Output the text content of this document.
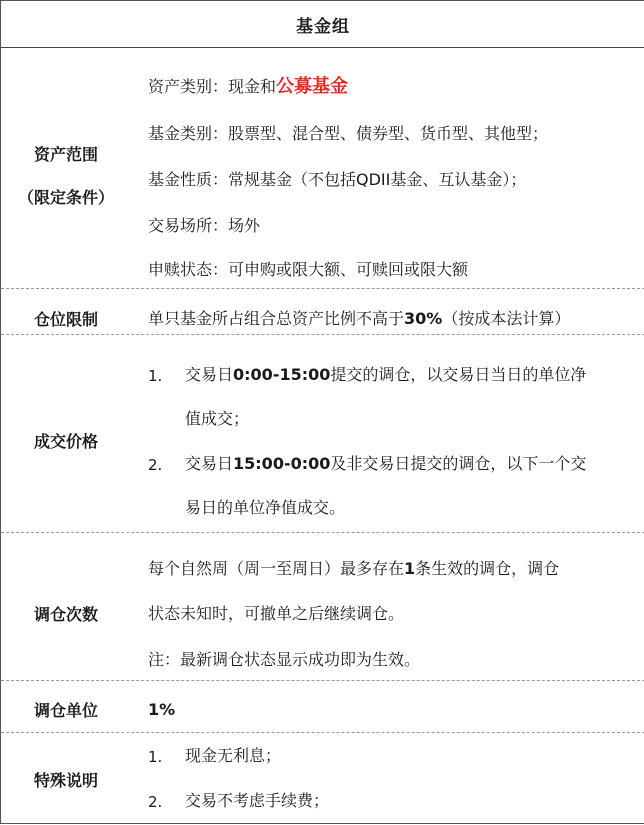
基金组
资产范围
（限定条件）
资产类别：现金和公募基金
基金类别：股票型、混合型、债券型、货币型、其他型；
基金性质：常规基金（不包括QDII基金、互认基金）；
交易场所：场外
申赎状态：可申购或限大额、可赎回或限大额
仓位限制	单只基金所占组合总资产比例不高于30%（按成本法计算）
成交价格
1. 交易日0:00-15:00提交的调仓，以交易日当日的单位净
值成交；
2. 交易日15:00-0:00及非交易日提交的调仓，以下一个交
易日的单位净值成交。
调仓次数
每个自然周（周一至周日）最多存在1条生效的调仓，调仓
状态未知时，可撤单之后继续调仓。
注：最新调仓状态显示成功即为生效。
调仓单位	1%
特殊说明
1. 现金无利息；
2. 交易不考虑手续费；
